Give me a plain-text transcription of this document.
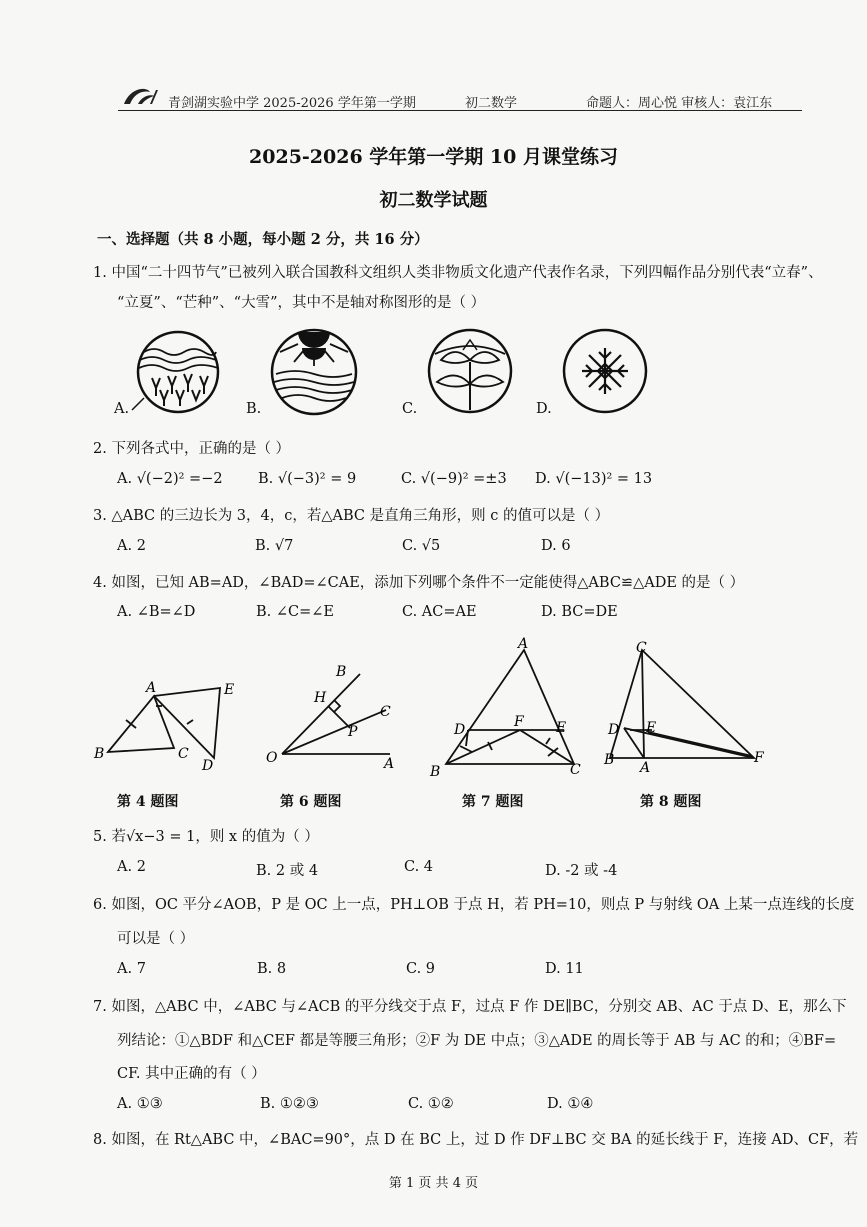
青剑湖实验中学 2025-2026 学年第一学期	初二数学	命题人：周心悦 审核人：袁江东
2025-2026 学年第一学期 10 月课堂练习
初二数学试题
一、选择题（共 8 小题，每小题 2 分，共 16 分）
1. 中国“二十四节气”已被列入联合国教科文组织人类非物质文化遗产代表作名录，下列四幅作品分别代表“立春”、
“立夏”、“芒种”、“大雪”，其中不是轴对称图形的是（ ）
A.	B.	C.	D.
2. 下列各式中，正确的是（ ）
A. √(−2)² =−2 B. √(−3)² = 9	C. √(−9)² =±3 D. √(−13)² = 13
3. △ABC 的三边长为 3，4，c，若△ABC 是直角三角形，则 c 的值可以是（ ）
A. 2	B. √7	C. √5	D. 6
4. 如图，已知 AB=AD，∠BAD=∠CAE，添加下列哪个条件不一定能使得△ABC≌△ADE 的是（ ）
A. ∠B=∠D	B. ∠C=∠E	C. AC=AE	D. BC=DE
B
A
C
E
D	O	A
B
C
H
P
A
B	C
D	E
F
C
D E
B A
F
第 4 题图	第 6 题图	第 7 题图	第 8 题图
5. 若√x−3 = 1，则 x 的值为（ ）
A. 2	B. 2 或 4	C. 4	D. -2 或 -4
6. 如图，OC 平分∠AOB，P 是 OC 上一点，PH⊥OB 于点 H，若 PH=10，则点 P 与射线 OA 上某一点连线的长度
可以是（ ）
A. 7	B. 8	C. 9	D. 11
7. 如图，△ABC 中，∠ABC 与∠ACB 的平分线交于点 F，过点 F 作 DE∥BC，分别交 AB、AC 于点 D、E，那么下
列结论：①△BDF 和△CEF 都是等腰三角形；②F 为 DE 中点；③△ADE 的周长等于 AB 与 AC 的和；④BF=
CF. 其中正确的有（ ）
A. ①③	B. ①②③	C. ①②	D. ①④
8. 如图，在 Rt△ABC 中，∠BAC=90°，点 D 在 BC 上，过 D 作 DF⊥BC 交 BA 的延长线于 F，连接 AD、CF，若
第 1 页 共 4 页
